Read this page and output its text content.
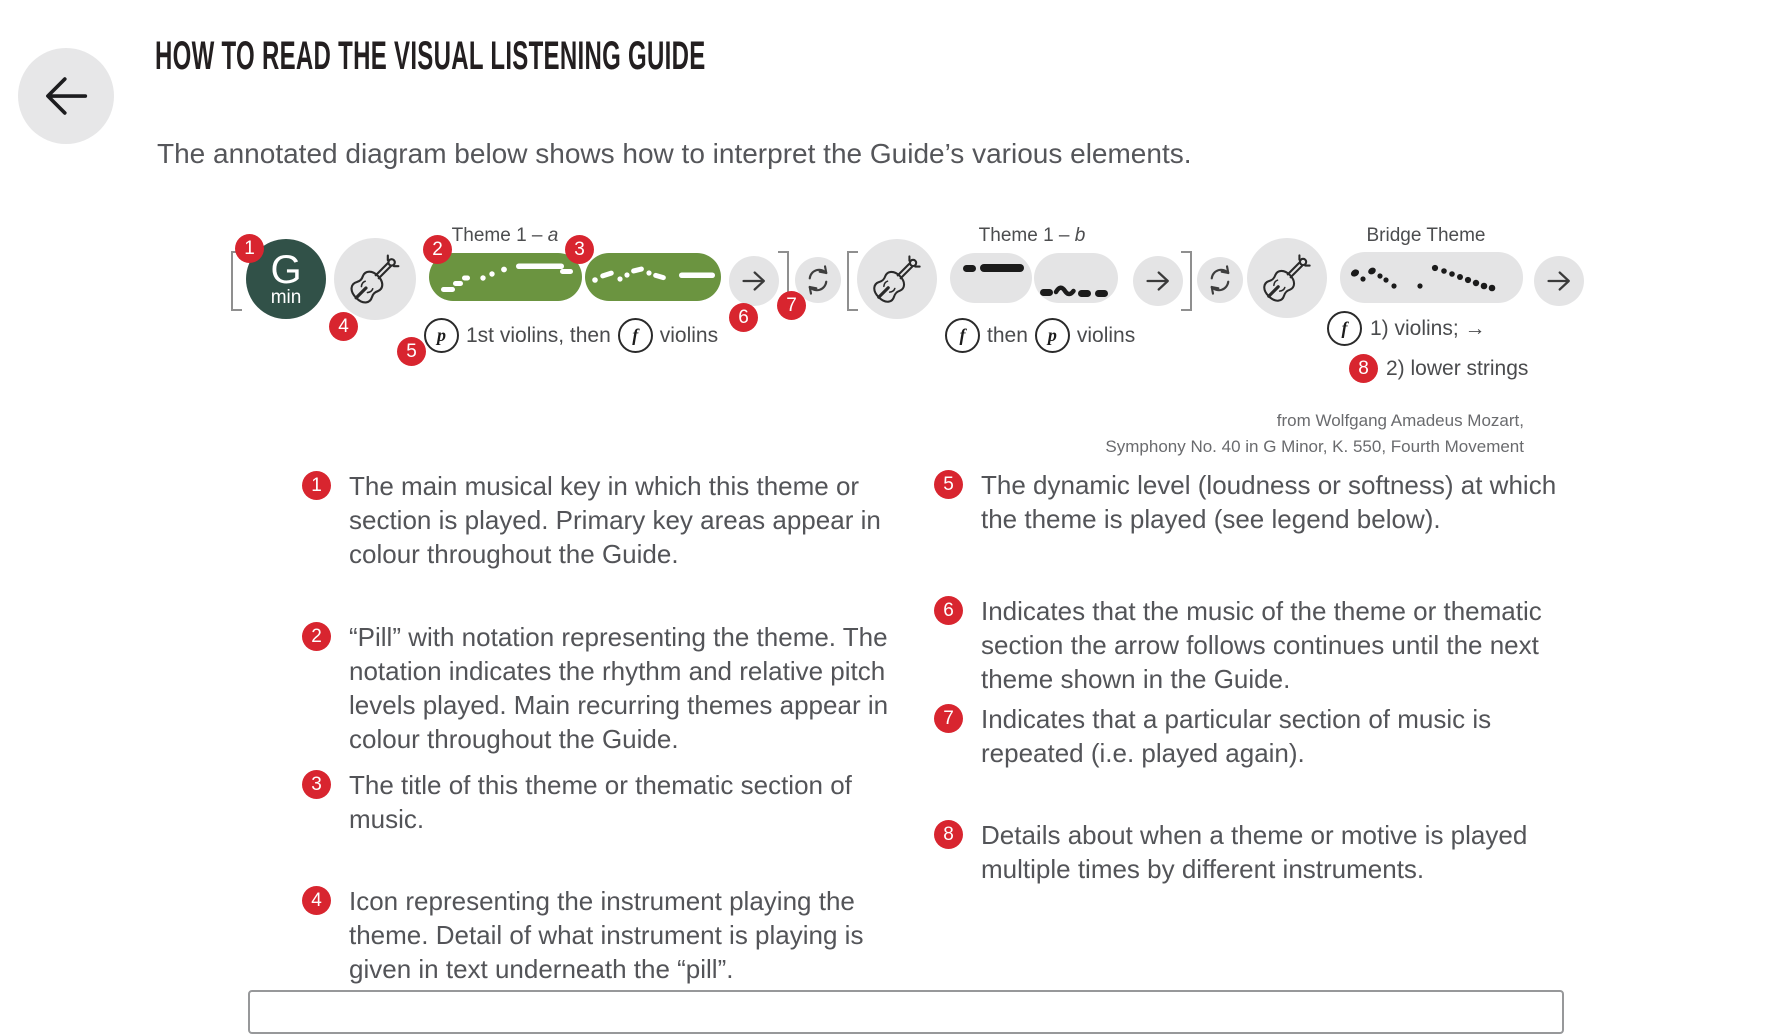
HOW TO READ THE VISUAL LISTENING GUIDE
The annotated diagram below shows how to interpret the Guide’s various elements.
1 G
min
4
Theme 1 – a
2	3
p 1st violins, then f violins
5
6
7
Theme 1 – b
f then p violins
Bridge Theme
f 1) violins; →
8 2) lower strings
from Wolfgang Amadeus Mozart,
Symphony No. 40 in G Minor, K. 550, Fourth Movement
1	The main musical key in which this theme or section is played. Primary key areas appear in colour throughout the Guide.
2	“Pill” with notation representing the theme. The notation indicates the rhythm and relative pitch levels played. Main recurring themes appear in colour throughout the Guide.
3	The title of this theme or thematic section of music.
4	Icon representing the instrument playing the theme. Detail of what instrument is playing is given in text underneath the “pill”.
5	The dynamic level (loudness or softness) at which the theme is played (see legend below).
6	Indicates that the music of the theme or thematic section the arrow follows continues until the next theme shown in the Guide.
7	Indicates that a particular section of music is repeated (i.e. played again).
8	Details about when a theme or motive is played multiple times by different instruments.
